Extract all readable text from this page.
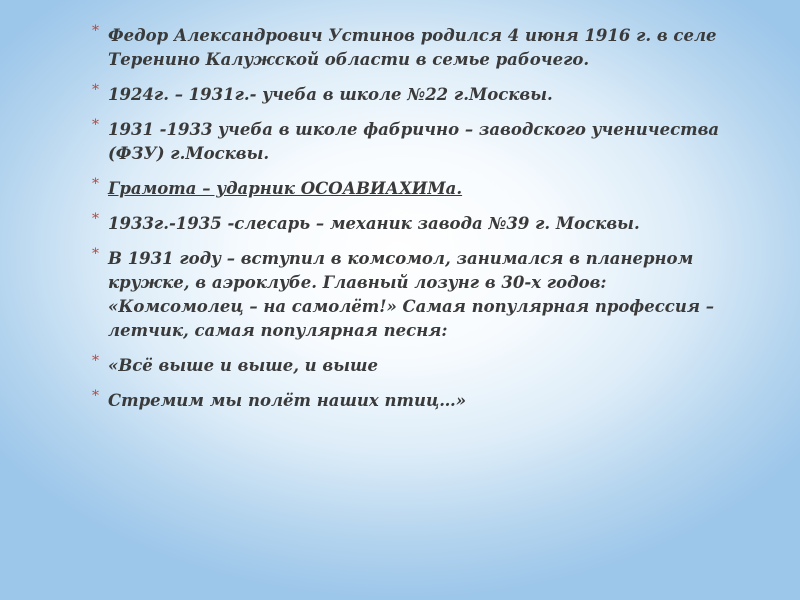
* Федор Александрович Устинов родился 4 июня 1916 г. в селе Теренино Калужской области в семье рабочего.
* 1924г. – 1931г.- учеба в школе №22 г.Москвы.
* 1931 -1933 учеба в школе фабрично – заводского ученичества (ФЗУ) г.Москвы.
* Грамота – ударник ОСОАВИАХИМа.
* 1933г.-1935 -слесарь – механик завода №39 г. Москвы.
* В 1931 году – вступил в комсомол, занимался в планерном кружке, в аэроклубе. Главный лозунг в 30-х годов: «Комсомолец – на самолёт!» Самая популярная профессия – летчик, самая популярная песня:
* «Всё выше и выше, и выше
* Стремим мы полёт наших птиц…»
